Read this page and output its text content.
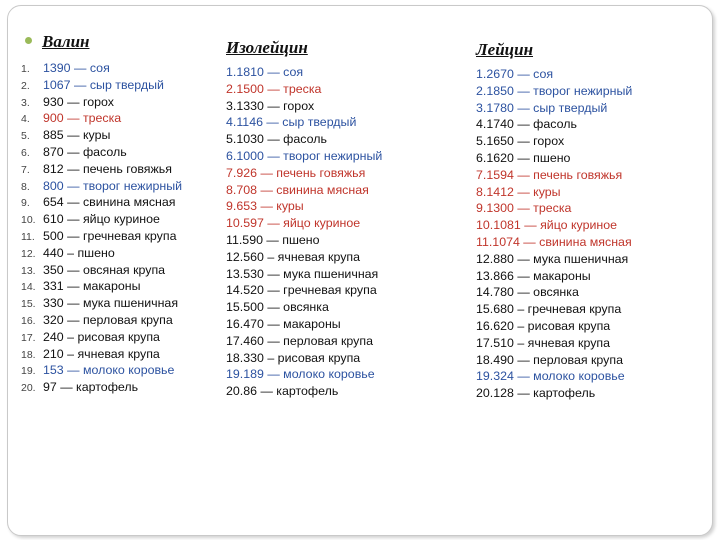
Валин
1. 1390 — соя
2. 1067 — сыр твердый
3. 930 — горох
4. 900 — треска
5. 885 — куры
6. 870 — фасоль
7. 812 — печень говяжья
8. 800 — творог нежирный
9. 654 — свинина мясная
10. 610 — яйцо куриное
11. 500 — гречневая крупа
12. 440 – пшено
13. 350 — овсяная крупа
14. 331 — макароны
15. 330 — мука пшеничная
16. 320 — перловая крупа
17. 240 – рисовая крупа
18. 210 – ячневая крупа
19. 153 — молоко коровье
20. 97 — картофель
Изолейцин
1.1810 — соя
2.1500 — треска
3.1330 — горох
4.1146 — сыр твердый
5.1030 — фасоль
6.1000 — творог нежирный
7.926 — печень говяжья
8.708 — свинина мясная
9.653 — куры
10.597 — яйцо куриное
11.590 — пшено
12.560 – ячневая крупа
13.530 — мука пшеничная
14.520 — гречневая крупа
15.500 — овсянка
16.470 — макароны
17.460 — перловая крупа
18.330 – рисовая крупа
19.189 — молоко коровье
20.86 — картофель
Лейцин
1.2670 — соя
2.1850 — творог нежирный
3.1780 — сыр твердый
4.1740 — фасоль
5.1650 — горох
6.1620 — пшено
7.1594 — печень говяжья
8.1412 — куры
9.1300 — треска
10.1081 — яйцо куриное
11.1074 — свинина мясная
12.880 — мука пшеничная
13.866 — макароны
14.780 — овсянка
15.680 – гречневая крупа
16.620 – рисовая крупа
17.510 – ячневая крупа
18.490 — перловая крупа
19.324 — молоко коровье
20.128 — картофель
